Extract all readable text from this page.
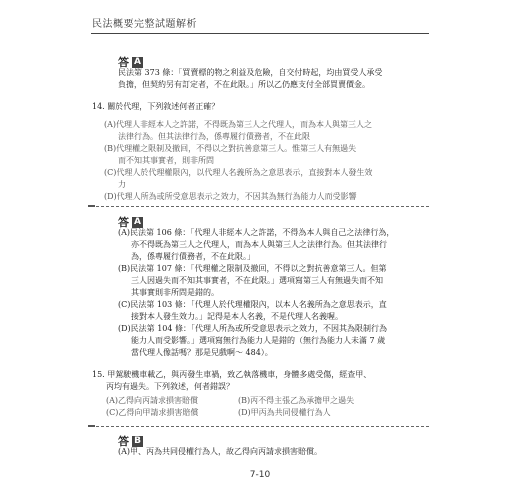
民法概要完整試題解析
答 A
民法第 373 條：「買賣標的物之利益及危險，自交付時起，均由買受人承受
負擔，但契約另有訂定者，不在此限。」所以乙仍應支付全部買賣價金。
14. 關於代理，下列敘述何者正確？
(A)代理人非經本人之許諾，不得既為第三人之代理人，而為本人與第三人之
法律行為。但其法律行為，係專履行債務者，不在此限
(B)代理權之限制及撤回，不得以之對抗善意第三人。惟第三人有無過失
而不知其事實者，則非所問
(C)代理人於代理權限內，以代理人名義所為之意思表示，直接對本人發生效
力
(D)代理人所為或所受意思表示之效力，不因其為無行為能力人而受影響
答 A
(A)民法第 106 條：「代理人非經本人之許諾，不得為本人與自己之法律行為，
亦不得既為第三人之代理人，而為本人與第三人之法律行為。但其法律行
為，係專履行債務者，不在此限。」
(B)民法第 107 條：「代理權之限制及撤回，不得以之對抗善意第三人。但第
三人因過失而不知其事實者，不在此限。」選項寫第三人有無過失而不知
其事實則非所問是錯的。
(C)民法第 103 條：「代理人於代理權限內，以本人名義所為之意思表示，直
接對本人發生效力。」記得是本人名義，不是代理人名義喔。
(D)民法第 104 條：「代理人所為或所受意思表示之效力，不因其為限制行為
能力人而受影響。」選項寫無行為能力人是錯的（無行為能力人未滿 7 歲
當代理人像話嗎？那是兒戲啊～ 484）。
15. 甲駕駛機車載乙，與丙發生車禍，致乙執落機車，身體多處受傷，經查甲、
丙均有過失。下列敘述，何者錯誤？
(A)乙得向丙請求損害賠償	(B)丙不得主張乙為承擔甲之過失
(C)乙得向甲請求損害賠償	(D)甲丙為共同侵權行為人
答 B
(A)甲、丙為共同侵權行為人，故乙得向丙請求損害賠償。
7-10
